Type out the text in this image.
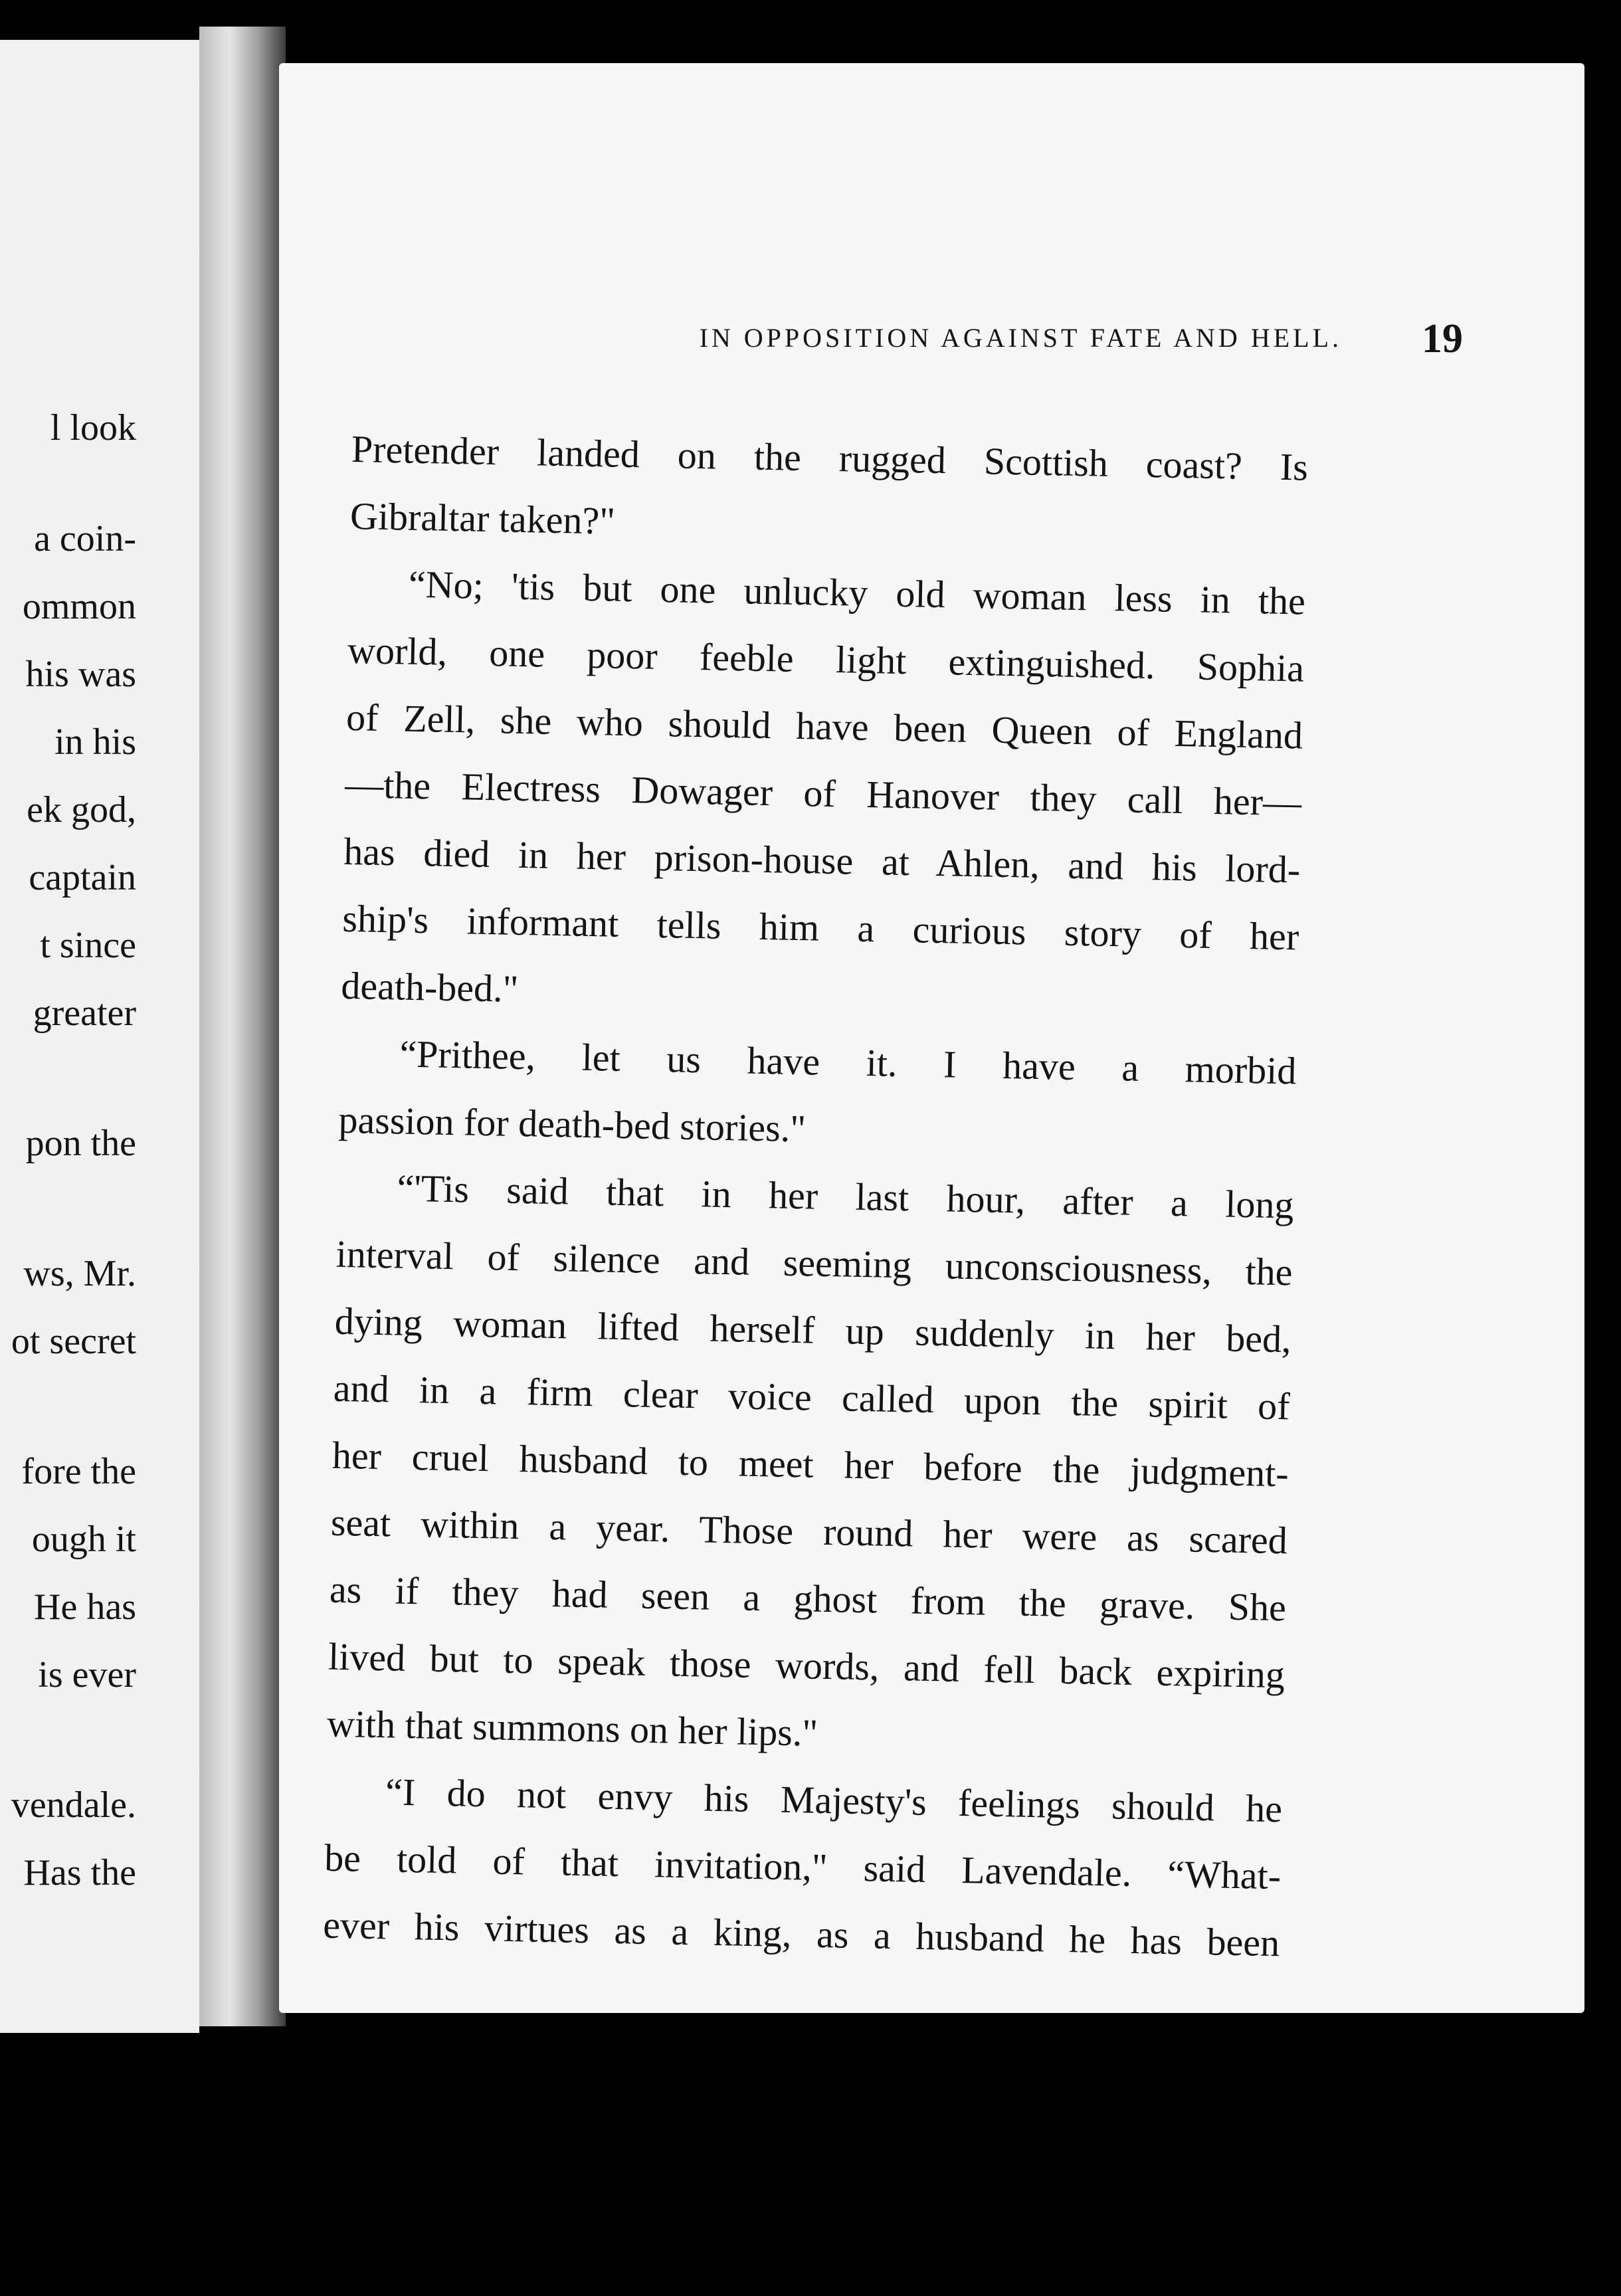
l look
a coin-
ommon
his was
in his
ek god,
captain
t since
greater
pon the
ws, Mr.
ot secret
fore the
ough it
He has
is ever
vendale.
Has the
IN OPPOSITION AGAINST FATE AND HELL. 19
Pretender landed on the rugged Scottish coast? Is
Gibraltar taken?"
“No; 'tis but one unlucky old woman less in the
world, one poor feeble light extinguished. Sophia
of Zell, she who should have been Queen of England
—the Electress Dowager of Hanover they call her—
has died in her prison-house at Ahlen, and his lord-
ship's informant tells him a curious story of her
death-bed."
“Prithee, let us have it. I have a morbid
passion for death-bed stories."
“'Tis said that in her last hour, after a long
interval of silence and seeming unconsciousness, the
dying woman lifted herself up suddenly in her bed,
and in a firm clear voice called upon the spirit of
her cruel husband to meet her before the judgment-
seat within a year. Those round her were as scared
as if they had seen a ghost from the grave. She
lived but to speak those words, and fell back expiring
with that summons on her lips."
“I do not envy his Majesty's feelings should he
be told of that invitation," said Lavendale. “What-
ever his virtues as a king, as a husband he has been
